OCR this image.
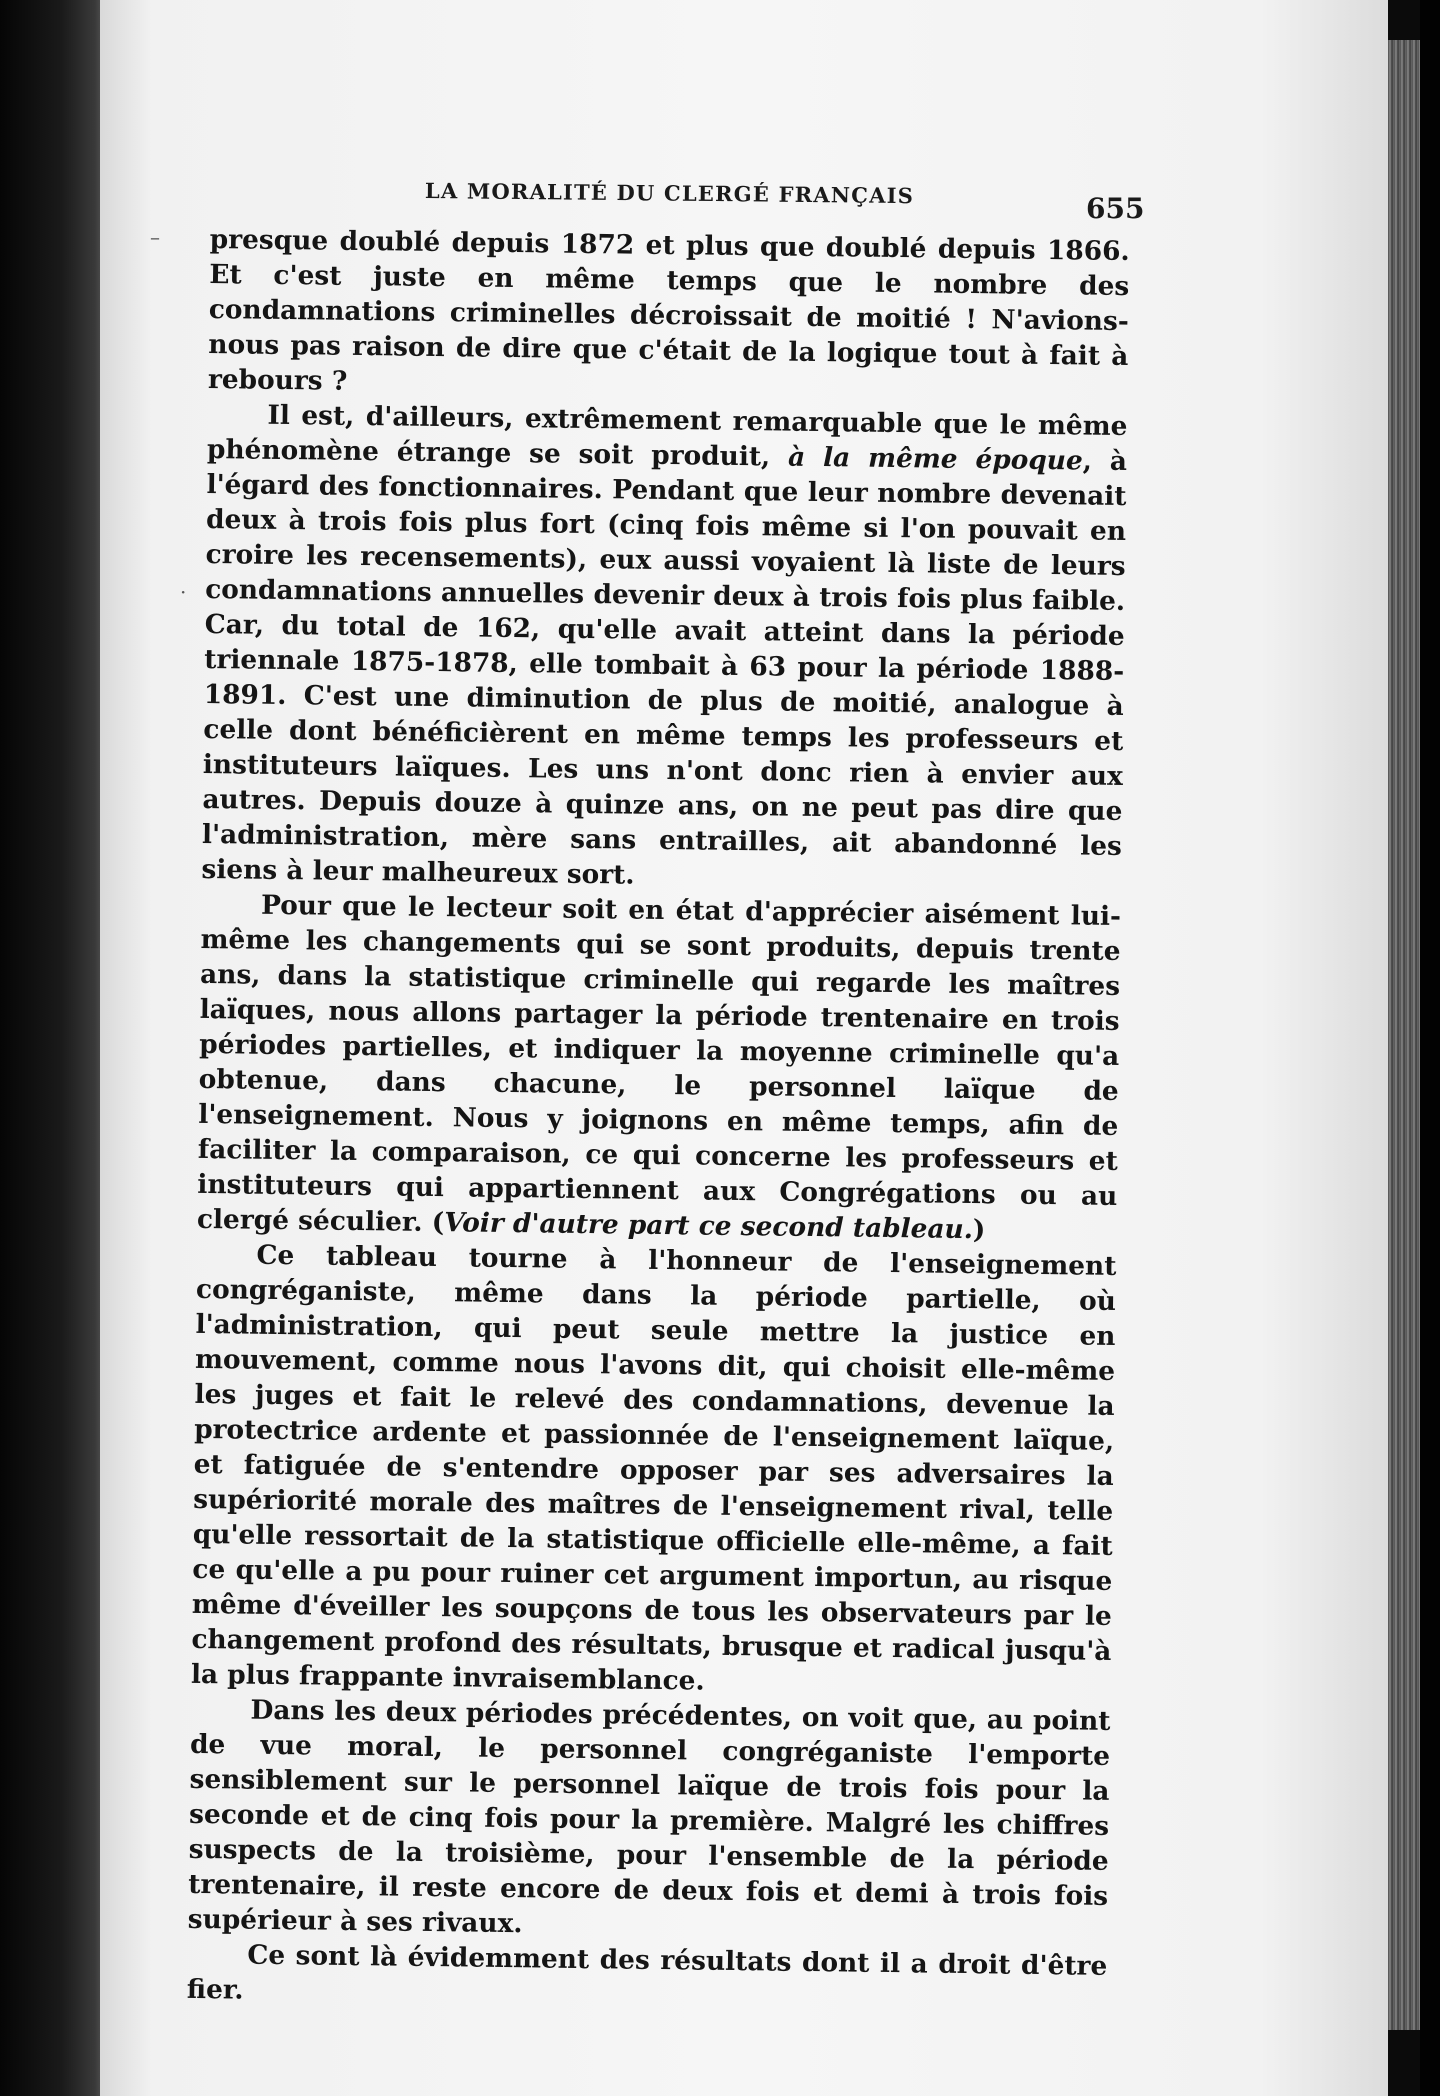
LA MORALITÉ DU CLERGÉ FRANÇAIS	655
–
·

presque doublé depuis 1872 et plus que doublé depuis 1866. Et c'est juste en même temps que le nombre des condamnations criminelles décroissait de moitié ! N'avions-nous pas raison de dire que c'était de la logique tout à fait à rebours ?

Il est, d'ailleurs, extrêmement remarquable que le même phénomène étrange se soit produit, à la même époque, à l'égard des fonctionnaires. Pendant que leur nombre devenait deux à trois fois plus fort (cinq fois même si l'on pouvait en croire les recensements), eux aussi voyaient là liste de leurs condamnations annuelles devenir deux à trois fois plus faible. Car, du total de 162, qu'elle avait atteint dans la période triennale 1875-1878, elle tombait à 63 pour la période 1888-1891. C'est une diminution de plus de moitié, analogue à celle dont bénéficièrent en même temps les professeurs et instituteurs laïques. Les uns n'ont donc rien à envier aux autres. Depuis douze à quinze ans, on ne peut pas dire que l'administration, mère sans entrailles, ait abandonné les siens à leur malheureux sort.

Pour que le lecteur soit en état d'apprécier aisément lui-même les changements qui se sont produits, depuis trente ans, dans la statistique criminelle qui regarde les maîtres laïques, nous allons partager la période trentenaire en trois périodes partielles, et indiquer la moyenne criminelle qu'a obtenue, dans chacune, le personnel laïque de l'enseignement. Nous y joignons en même temps, afin de faciliter la comparaison, ce qui concerne les professeurs et instituteurs qui appartiennent aux Congrégations ou au clergé séculier. (Voir d'autre part ce second tableau.)

Ce tableau tourne à l'honneur de l'enseignement congréganiste, même dans la période partielle, où l'administration, qui peut seule mettre la justice en mouvement, comme nous l'avons dit, qui choisit elle-même les juges et fait le relevé des condamnations, devenue la protectrice ardente et passionnée de l'enseignement laïque, et fatiguée de s'entendre opposer par ses adversaires la supériorité morale des maîtres de l'enseignement rival, telle qu'elle ressortait de la statistique officielle elle-même, a fait ce qu'elle a pu pour ruiner cet argument importun, au risque même d'éveiller les soupçons de tous les observateurs par le changement profond des résultats, brusque et radical jusqu'à la plus frappante invraisemblance.

Dans les deux périodes précédentes, on voit que, au point de vue moral, le personnel congréganiste l'emporte sensiblement sur le personnel laïque de trois fois pour la seconde et de cinq fois pour la première. Malgré les chiffres suspects de la troisième, pour l'ensemble de la période trentenaire, il reste encore de deux fois et demi à trois fois supérieur à ses rivaux.

Ce sont là évidemment des résultats dont il a droit d'être fier.
